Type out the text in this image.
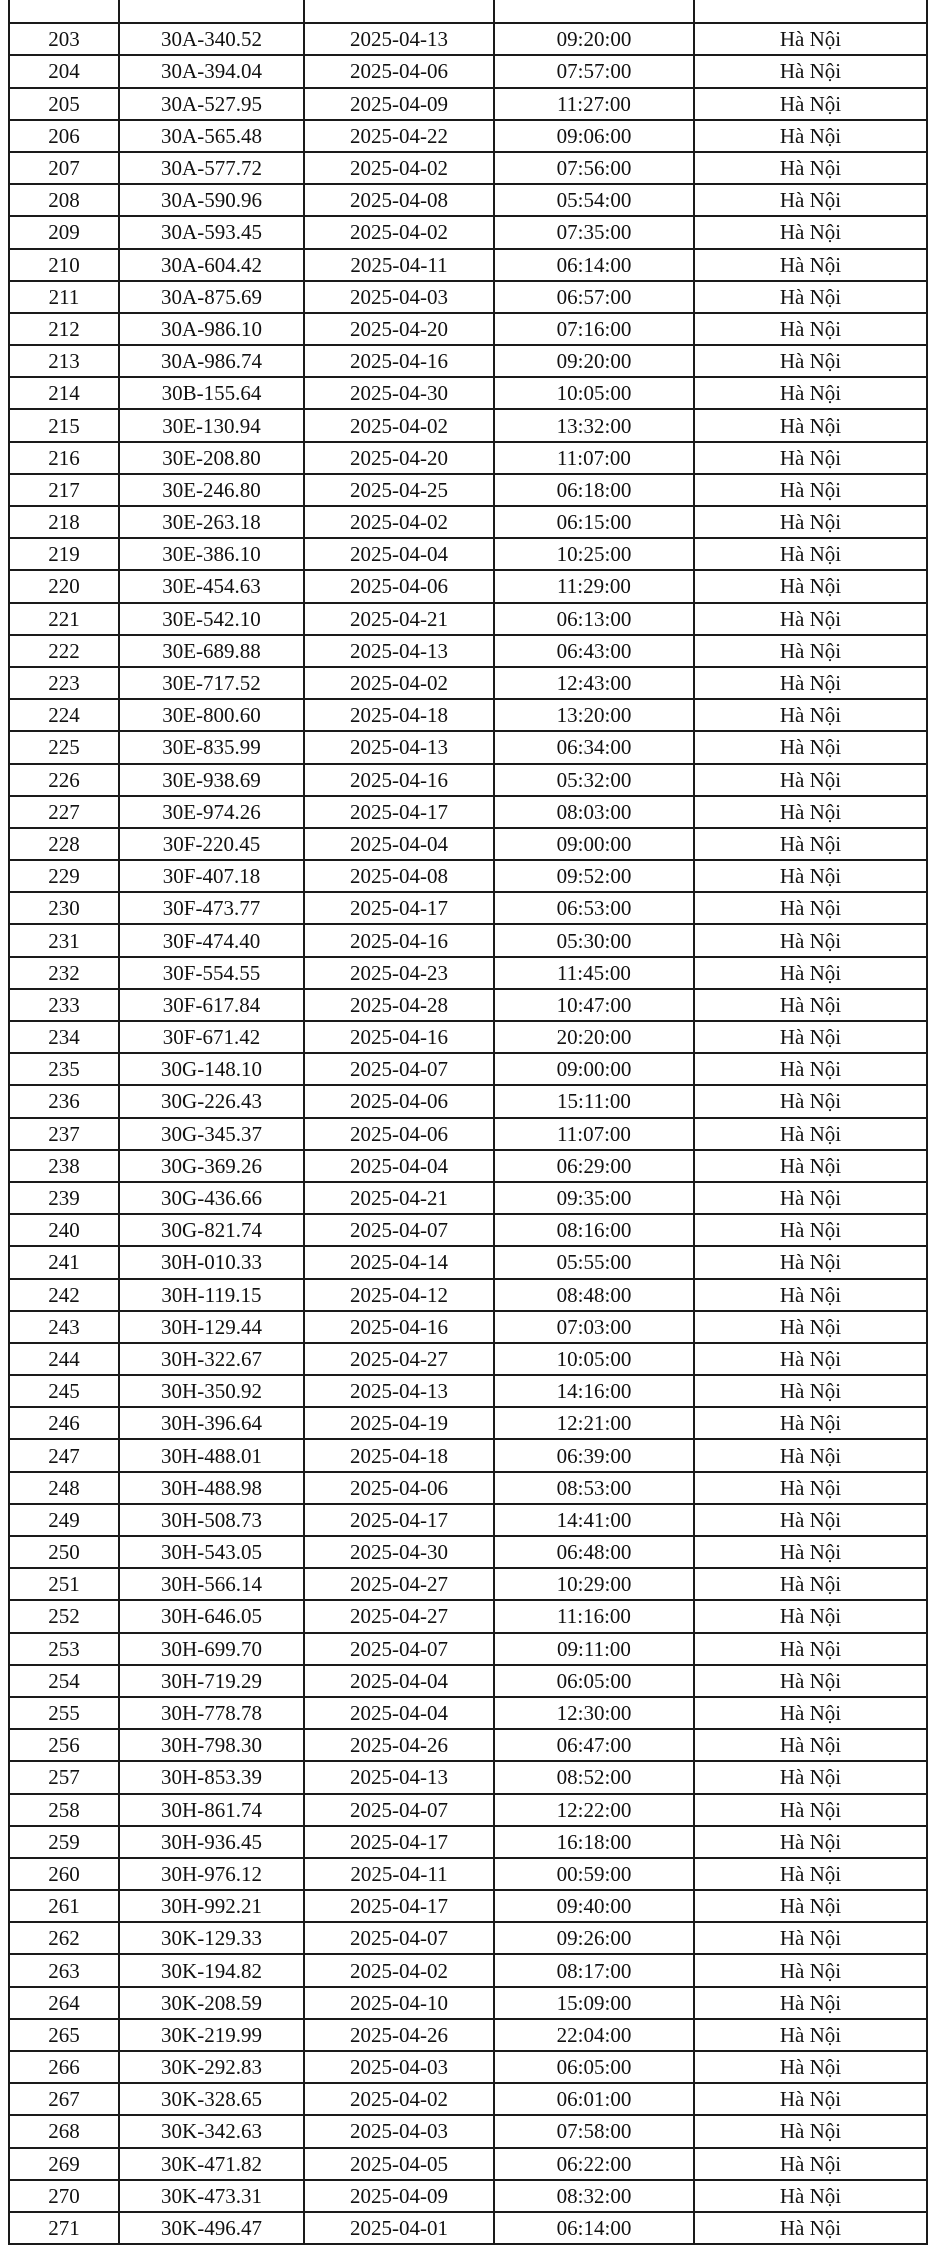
203	30A-340.52	2025-04-13	09:20:00	Hà Nội
204	30A-394.04	2025-04-06	07:57:00	Hà Nội
205	30A-527.95	2025-04-09	11:27:00	Hà Nội
206	30A-565.48	2025-04-22	09:06:00	Hà Nội
207	30A-577.72	2025-04-02	07:56:00	Hà Nội
208	30A-590.96	2025-04-08	05:54:00	Hà Nội
209	30A-593.45	2025-04-02	07:35:00	Hà Nội
210	30A-604.42	2025-04-11	06:14:00	Hà Nội
211	30A-875.69	2025-04-03	06:57:00	Hà Nội
212	30A-986.10	2025-04-20	07:16:00	Hà Nội
213	30A-986.74	2025-04-16	09:20:00	Hà Nội
214	30B-155.64	2025-04-30	10:05:00	Hà Nội
215	30E-130.94	2025-04-02	13:32:00	Hà Nội
216	30E-208.80	2025-04-20	11:07:00	Hà Nội
217	30E-246.80	2025-04-25	06:18:00	Hà Nội
218	30E-263.18	2025-04-02	06:15:00	Hà Nội
219	30E-386.10	2025-04-04	10:25:00	Hà Nội
220	30E-454.63	2025-04-06	11:29:00	Hà Nội
221	30E-542.10	2025-04-21	06:13:00	Hà Nội
222	30E-689.88	2025-04-13	06:43:00	Hà Nội
223	30E-717.52	2025-04-02	12:43:00	Hà Nội
224	30E-800.60	2025-04-18	13:20:00	Hà Nội
225	30E-835.99	2025-04-13	06:34:00	Hà Nội
226	30E-938.69	2025-04-16	05:32:00	Hà Nội
227	30E-974.26	2025-04-17	08:03:00	Hà Nội
228	30F-220.45	2025-04-04	09:00:00	Hà Nội
229	30F-407.18	2025-04-08	09:52:00	Hà Nội
230	30F-473.77	2025-04-17	06:53:00	Hà Nội
231	30F-474.40	2025-04-16	05:30:00	Hà Nội
232	30F-554.55	2025-04-23	11:45:00	Hà Nội
233	30F-617.84	2025-04-28	10:47:00	Hà Nội
234	30F-671.42	2025-04-16	20:20:00	Hà Nội
235	30G-148.10	2025-04-07	09:00:00	Hà Nội
236	30G-226.43	2025-04-06	15:11:00	Hà Nội
237	30G-345.37	2025-04-06	11:07:00	Hà Nội
238	30G-369.26	2025-04-04	06:29:00	Hà Nội
239	30G-436.66	2025-04-21	09:35:00	Hà Nội
240	30G-821.74	2025-04-07	08:16:00	Hà Nội
241	30H-010.33	2025-04-14	05:55:00	Hà Nội
242	30H-119.15	2025-04-12	08:48:00	Hà Nội
243	30H-129.44	2025-04-16	07:03:00	Hà Nội
244	30H-322.67	2025-04-27	10:05:00	Hà Nội
245	30H-350.92	2025-04-13	14:16:00	Hà Nội
246	30H-396.64	2025-04-19	12:21:00	Hà Nội
247	30H-488.01	2025-04-18	06:39:00	Hà Nội
248	30H-488.98	2025-04-06	08:53:00	Hà Nội
249	30H-508.73	2025-04-17	14:41:00	Hà Nội
250	30H-543.05	2025-04-30	06:48:00	Hà Nội
251	30H-566.14	2025-04-27	10:29:00	Hà Nội
252	30H-646.05	2025-04-27	11:16:00	Hà Nội
253	30H-699.70	2025-04-07	09:11:00	Hà Nội
254	30H-719.29	2025-04-04	06:05:00	Hà Nội
255	30H-778.78	2025-04-04	12:30:00	Hà Nội
256	30H-798.30	2025-04-26	06:47:00	Hà Nội
257	30H-853.39	2025-04-13	08:52:00	Hà Nội
258	30H-861.74	2025-04-07	12:22:00	Hà Nội
259	30H-936.45	2025-04-17	16:18:00	Hà Nội
260	30H-976.12	2025-04-11	00:59:00	Hà Nội
261	30H-992.21	2025-04-17	09:40:00	Hà Nội
262	30K-129.33	2025-04-07	09:26:00	Hà Nội
263	30K-194.82	2025-04-02	08:17:00	Hà Nội
264	30K-208.59	2025-04-10	15:09:00	Hà Nội
265	30K-219.99	2025-04-26	22:04:00	Hà Nội
266	30K-292.83	2025-04-03	06:05:00	Hà Nội
267	30K-328.65	2025-04-02	06:01:00	Hà Nội
268	30K-342.63	2025-04-03	07:58:00	Hà Nội
269	30K-471.82	2025-04-05	06:22:00	Hà Nội
270	30K-473.31	2025-04-09	08:32:00	Hà Nội
271	30K-496.47	2025-04-01	06:14:00	Hà Nội
